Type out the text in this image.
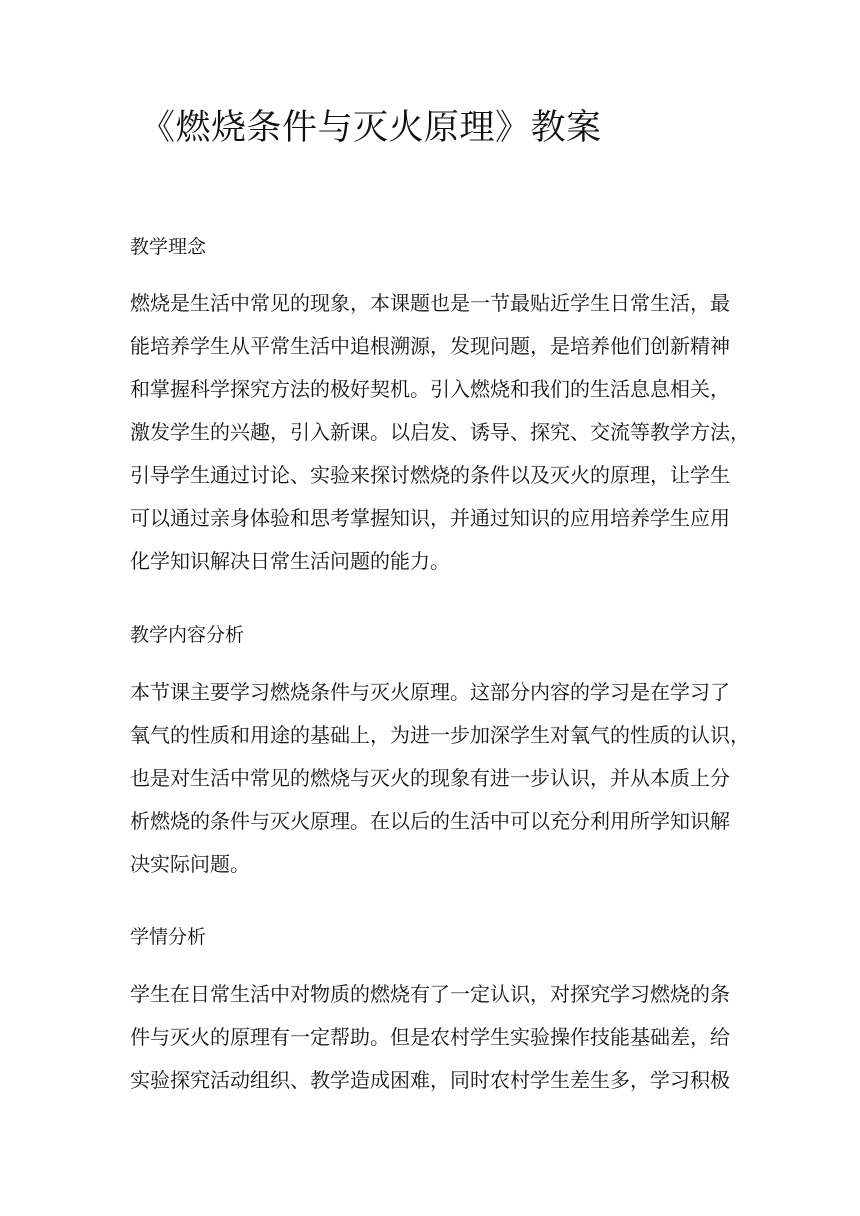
《燃烧条件与灭火原理》教案
教学理念

燃烧是生活中常见的现象，本课题也是一节最贴近学生日常生活，最

能培养学生从平常生活中追根溯源，发现问题，是培养他们创新精神

和掌握科学探究方法的极好契机。引入燃烧和我们的生活息息相关，

激发学生的兴趣，引入新课。以启发、诱导、探究、交流等教学方法，

引导学生通过讨论、实验来探讨燃烧的条件以及灭火的原理，让学生

可以通过亲身体验和思考掌握知识，并通过知识的应用培养学生应用

化学知识解决日常生活问题的能力。

教学内容分析

本节课主要学习燃烧条件与灭火原理。这部分内容的学习是在学习了

氧气的性质和用途的基础上，为进一步加深学生对氧气的性质的认识，

也是对生活中常见的燃烧与灭火的现象有进一步认识，并从本质上分

析燃烧的条件与灭火原理。在以后的生活中可以充分利用所学知识解

决实际问题。

学情分析

学生在日常生活中对物质的燃烧有了一定认识，对探究学习燃烧的条

件与灭火的原理有一定帮助。但是农村学生实验操作技能基础差，给

实验探究活动组织、教学造成困难，同时农村学生差生多，学习积极
